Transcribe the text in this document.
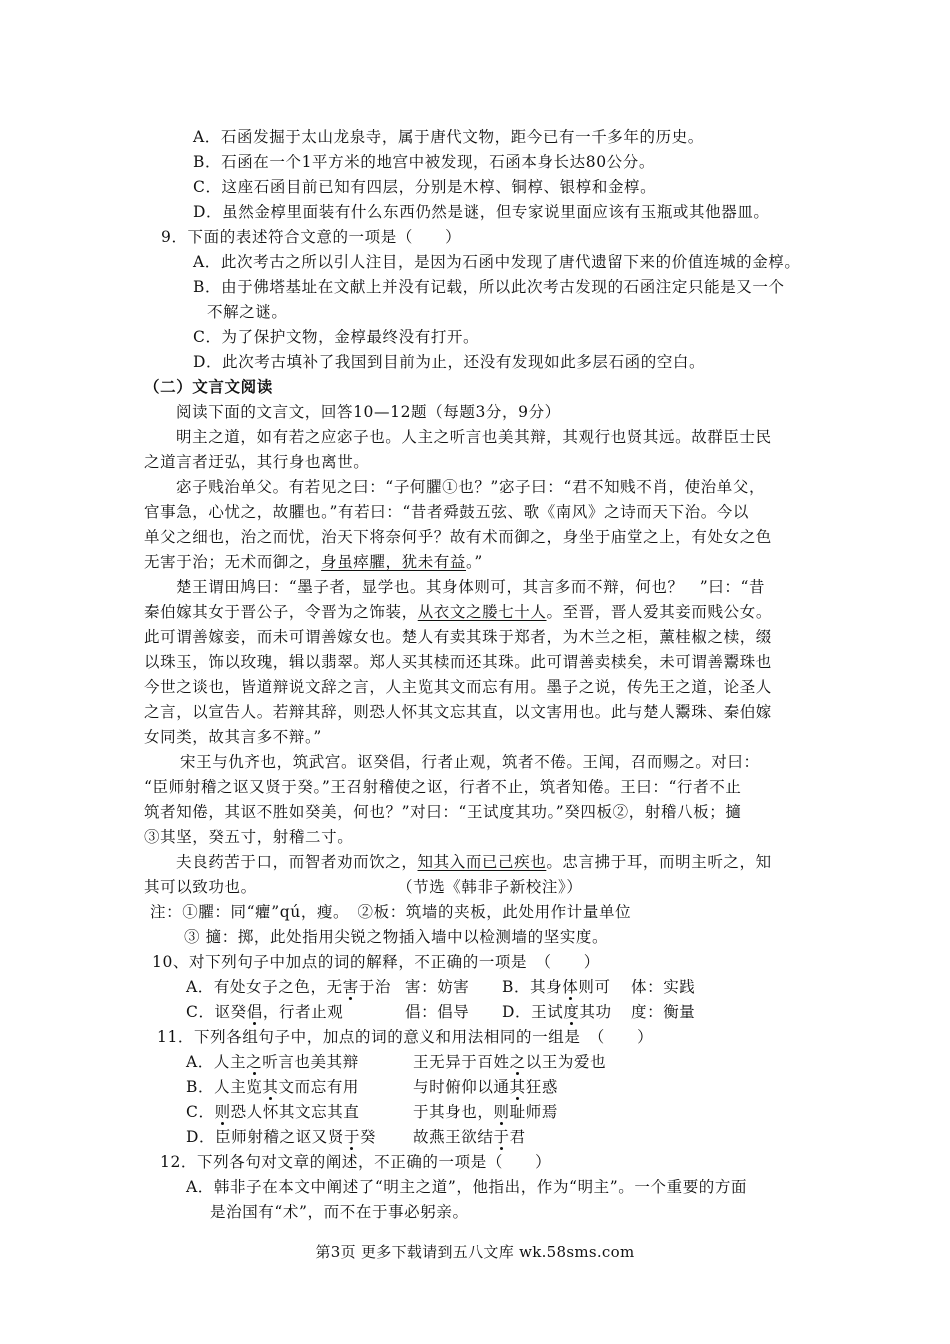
A．石函发掘于太山龙泉寺，属于唐代文物，距今已有一千多年的历史。
B．石函在一个1平方米的地宫中被发现，石函本身长达80公分。
C．这座石函目前已知有四层，分别是木椁、铜椁、银椁和金椁。
D．虽然金椁里面装有什么东西仍然是谜，但专家说里面应该有玉瓶或其他器皿。
9．下面的表述符合文意的一项是（　　）
A．此次考古之所以引人注目，是因为石函中发现了唐代遗留下来的价值连城的金椁。
B．由于佛塔基址在文献上并没有记载，所以此次考古发现的石函注定只能是又一个
不解之谜。
C．为了保护文物，金椁最终没有打开。
D．此次考古填补了我国到目前为止，还没有发现如此多层石函的空白。
（二）文言文阅读
阅读下面的文言文，回答10—12题（每题3分，9分）
明主之道，如有若之应宓子也。人主之听言也美其辩，其观行也贤其远。故群臣士民
之道言者迂弘，其行身也离世。
宓子贱治单父。有若见之曰：“子何臞①也？”宓子曰：“君不知贱不肖，使治单父，
官事急，心忧之，故臞也。”有若曰：“昔者舜鼓五弦、歌《南风》之诗而天下治。今以
单父之细也，治之而忧，治天下将奈何乎？故有术而御之，身坐于庙堂之上，有处女之色
无害于治；无术而御之，身虽瘁臞，犹未有益。”
楚王谓田鸠曰：“墨子者，显学也。其身体则可，其言多而不辩，何也？　”曰：“昔
秦伯嫁其女于晋公子，令晋为之饰装，从衣文之媵七十人。至晋，晋人爱其妾而贱公女。
此可谓善嫁妾，而未可谓善嫁女也。楚人有卖其珠于郑者，为木兰之柜，薰桂椒之椟，缀
以珠玉，饰以玫瑰，辑以翡翠。郑人买其椟而还其珠。此可谓善卖椟矣，未可谓善鬻珠也
今世之谈也，皆道辩说文辞之言，人主览其文而忘有用。墨子之说，传先王之道，论圣人
之言，以宣告人。若辩其辞，则恐人怀其文忘其直，以文害用也。此与楚人鬻珠、秦伯嫁
女同类，故其言多不辩。”
宋王与仇齐也，筑武宫。讴癸倡，行者止观，筑者不倦。王闻，召而赐之。对曰：
“臣师射稽之讴又贤于癸。”王召射稽使之讴，行者不止，筑者知倦。王曰：“行者不止
筑者知倦，其讴不胜如癸美，何也？”对曰：“王试度其功。”癸四板②，射稽八板；擿
③其坚，癸五寸，射稽二寸。
夫良药苦于口，而智者劝而饮之，知其入而已己疾也。忠言拂于耳，而明主听之，知
其可以致功也。	（节选《韩非子新校注》）
注：①臞：同“癯”qú，瘦。　②板：筑墙的夹板，此处用作计量单位
③ 擿：掷，此处指用尖锐之物插入墙中以检测墙的坚实度。
10、对下列句子中加点的词的解释，不正确的一项是　（　　）
A．有处女子之色，无害于治 害：妨害 B．其身体则可 体：实践
C．讴癸倡，行者止观	倡：倡导 D．王试度其功 度：衡量
11．下列各组句子中，加点的词的意义和用法相同的一组是　（　　）
A．人主之听言也美其辩	王无异于百姓之以王为爱也
B．人主览其文而忘有用	与时俯仰以通其狂惑
C．则恐人怀其文忘其直	于其身也，则耻师焉
D．臣师射稽之讴又贤于癸 故燕王欲结于君
12．下列各句对文章的阐述，不正确的一项是（　　）
A．韩非子在本文中阐述了“明主之道”，他指出，作为“明主”。一个重要的方面
是治国有“术”，而不在于事必躬亲。
第3页 更多下载请到五八文库 wk.58sms.com
